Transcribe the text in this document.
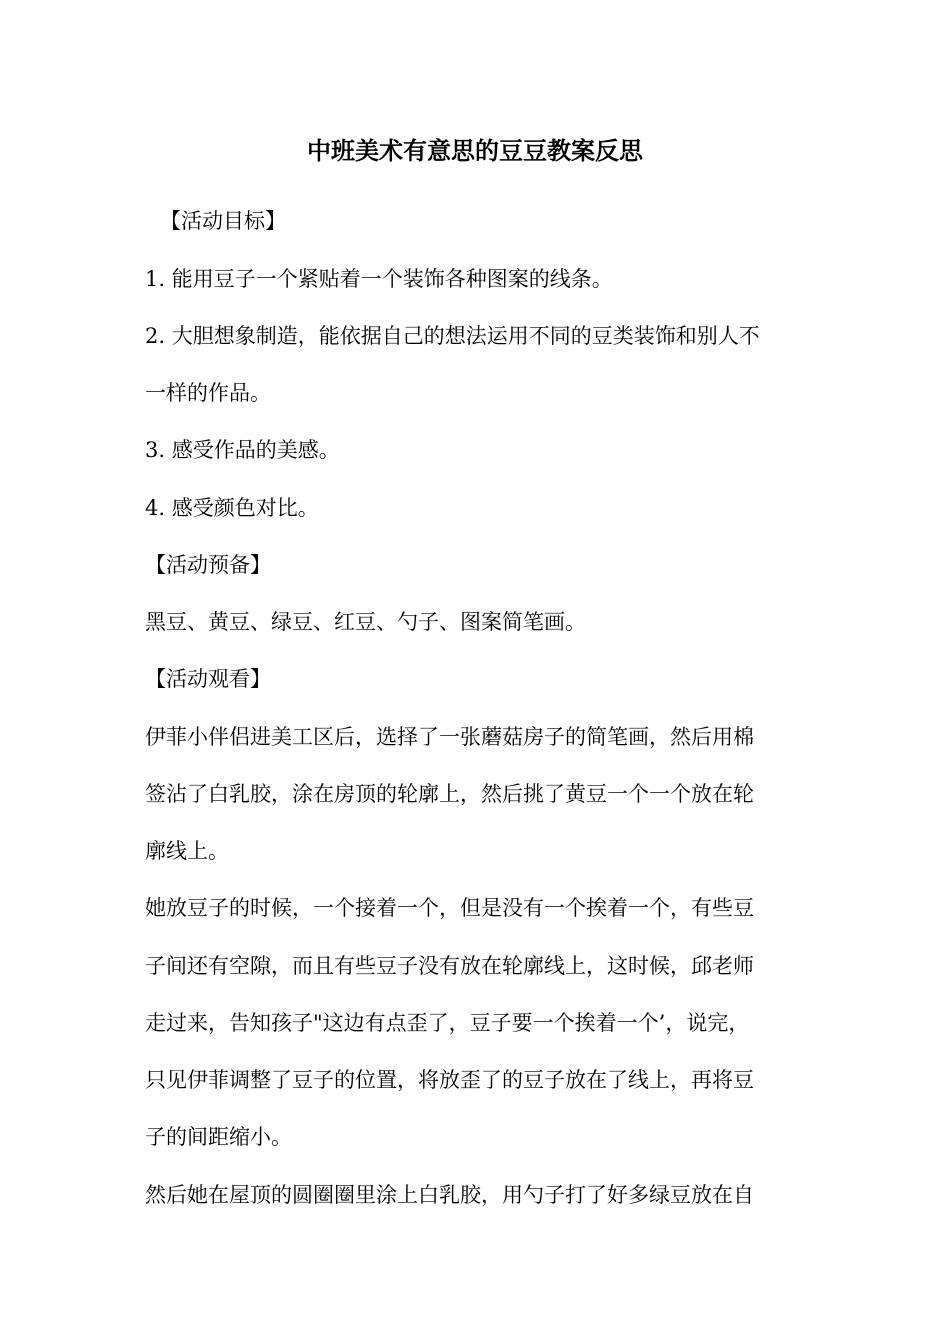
中班美术有意思的豆豆教案反思

【活动目标】

1. 能用豆子一个紧贴着一个装饰各种图案的线条。

2. 大胆想象制造，能依据自己的想法运用不同的豆类装饰和别人不

一样的作品。

3. 感受作品的美感。

4. 感受颜色对比。

【活动预备】

黑豆、黄豆、绿豆、红豆、勺子、图案简笔画。

【活动观看】

伊菲小伴侣进美工区后，选择了一张蘑菇房子的简笔画，然后用棉

签沾了白乳胶，涂在房顶的轮廓上，然后挑了黄豆一个一个放在轮

廓线上。

她放豆子的时候，一个接着一个，但是没有一个挨着一个，有些豆

子间还有空隙，而且有些豆子没有放在轮廓线上，这时候，邱老师

走过来，告知孩子"这边有点歪了，豆子要一个挨着一个’，说完，

只见伊菲调整了豆子的位置，将放歪了的豆子放在了线上，再将豆

子的间距缩小。

然后她在屋顶的圆圈圈里涂上白乳胶，用勺子打了好多绿豆放在自
